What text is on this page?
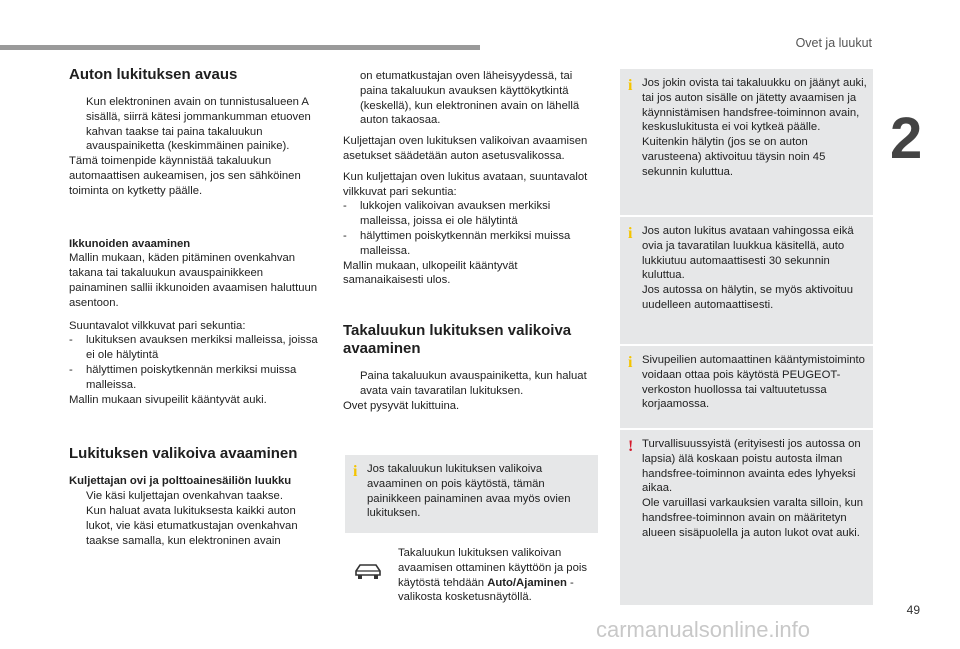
Ovet ja luukut
2
49
carmanualsonline.info
Auton lukituksen avaus
Kun elektroninen avain on tunnistusalueen A sisällä, siirrä kätesi jommankumman etuoven kahvan taakse tai paina takaluukun avauspainiketta (keskimmäinen painike).

Tämä toimenpide käynnistää takaluukun automaattisen aukeamisen, jos sen sähköinen toiminta on kytketty päälle.

Ikkunoiden avaaminen

Mallin mukaan, käden pitäminen ovenkahvan takana tai takaluukun avauspainikkeen painaminen sallii ikkunoiden avaamisen haluttuun asentoon.

Suuntavalot vilkkuvat pari sekuntia:

- lukituksen avauksen merkiksi malleissa, joissa ei ole hälytintä
- hälyttimen poiskytkennän merkiksi muissa malleissa.

Mallin mukaan sivupeilit kääntyvät auki.

Lukituksen valikoiva avaaminen
Kuljettajan ovi ja polttoainesäiliön luukku
Vie käsi kuljettajan ovenkahvan taakse.
Kun haluat avata lukituksesta kaikki auton lukot, vie käsi etumatkustajan ovenkahvan taakse samalla, kun elektroninen avain

on etumatkustajan oven läheisyydessä, tai paina takaluukun avauksen käyttökytkintä (keskellä), kun elektroninen avain on lähellä auton takaosaa.

Kuljettajan oven lukituksen valikoivan avaamisen asetukset säädetään auton asetusvalikossa.

Kun kuljettajan oven lukitus avataan, suuntavalot vilkkuvat pari sekuntia:

- lukkojen valikoivan avauksen merkiksi malleissa, joissa ei ole hälytintä
- hälyttimen poiskytkennän merkiksi muissa malleissa.

Mallin mukaan, ulkopeilit kääntyvät samanaikaisesti ulos.

Takaluukun lukituksen valikoiva avaaminen
Paina takaluukun avauspainiketta, kun haluat avata vain tavaratilan lukituksen.

Ovet pysyvät lukittuina.

i Jos takaluukun lukituksen valikoiva avaaminen on pois käytöstä, tämän painikkeen painaminen avaa myös ovien lukituksen.
Takaluukun lukituksen valikoivan avaamisen ottaminen käyttöön ja pois käytöstä tehdään Auto/Ajaminen -valikosta kosketusnäytöllä.
i Jos jokin ovista tai takaluukku on jäänyt auki, tai jos auton sisälle on jätetty avaamisen ja käynnistämisen handsfree-toiminnon avain, keskuslukitusta ei voi kytkeä päälle.

Kuitenkin hälytin (jos se on auton varusteena) aktivoituu täysin noin 45 sekunnin kuluttua.

i Jos auton lukitus avataan vahingossa eikä ovia ja tavaratilan luukkua käsitellä, auto lukkiutuu automaattisesti 30 sekunnin kuluttua.

Jos autossa on hälytin, se myös aktivoituu uudelleen automaattisesti.

i Sivupeilien automaattinen kääntymistoiminto voidaan ottaa pois käytöstä PEUGEOT-verkoston huollossa tai valtuutetussa korjaamossa.
! Turvallisuussyistä (erityisesti jos autossa on lapsia) älä koskaan poistu autosta ilman handsfree-toiminnon avainta edes lyhyeksi aikaa.

Ole varuillasi varkauksien varalta silloin, kun handsfree-toiminnon avain on määritetyn alueen sisäpuolella ja auton lukot ovat auki.
